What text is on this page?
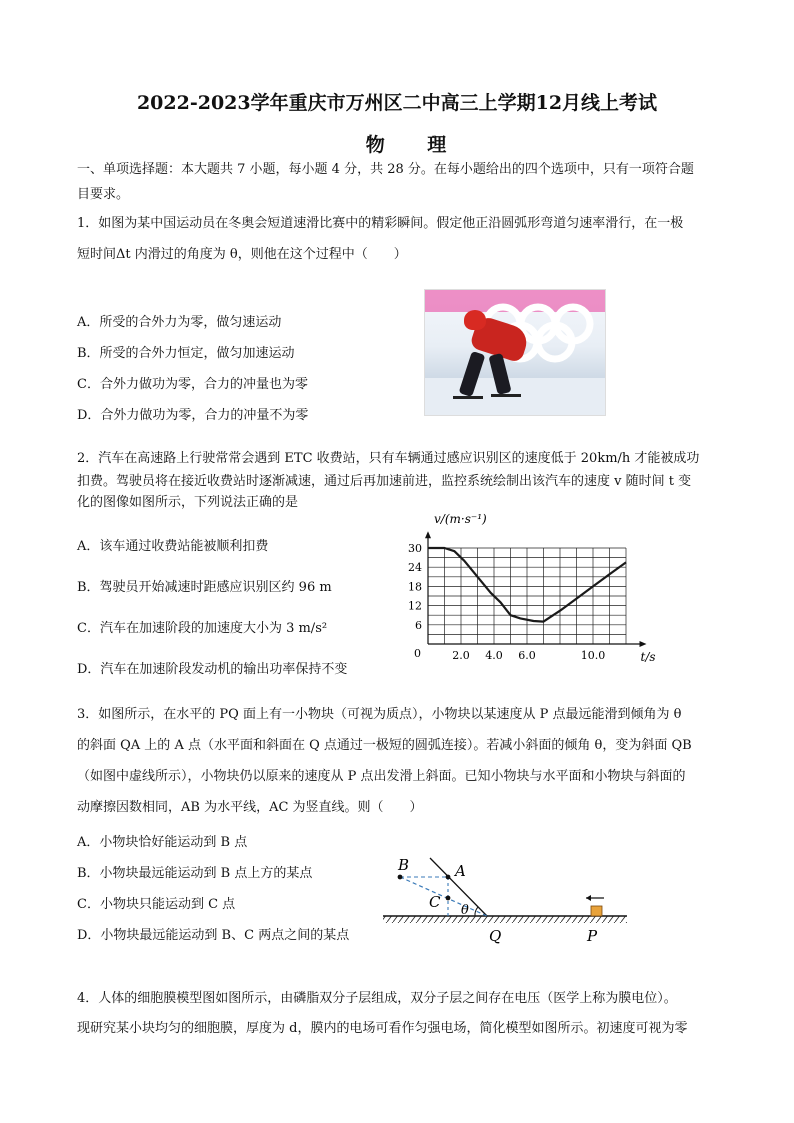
2022-2023学年重庆市万州区二中高三上学期12月线上考试
物 理
一、单项选择题：本大题共 7 小题，每小题 4 分，共 28 分。在每小题给出的四个选项中，只有一项符合题
目要求。
1．如图为某中国运动员在冬奥会短道速滑比赛中的精彩瞬间。假定他正沿圆弧形弯道匀速率滑行，在一极
短时间Δt 内滑过的角度为 θ，则他在这个过程中（　　）
A．所受的合外力为零，做匀速运动
B．所受的合外力恒定，做匀加速运动
C．合外力做功为零，合力的冲量也为零
D．合外力做功为零，合力的冲量不为零
2．汽车在高速路上行驶常常会遇到 ETC 收费站，只有车辆通过感应识别区的速度低于 20km/h 才能被成功
扣费。驾驶员将在接近收费站时逐渐减速，通过后再加速前进，监控系统绘制出该汽车的速度 v 随时间 t 变
化的图像如图所示，下列说法正确的是
A．该车通过收费站能被顺利扣费
B．驾驶员开始减速时距感应识别区约 96 m
C．汽车在加速阶段的加速度大小为 3 m/s²
D．汽车在加速阶段发动机的输出功率保持不变
6
12
18
24
30
2.0 4.0 6.0	10.0
v/(m·s⁻¹)
t/s
0
3．如图所示，在水平的 PQ 面上有一小物块（可视为质点），小物块以某速度从 P 点最远能滑到倾角为 θ
的斜面 QA 上的 A 点（水平面和斜面在 Q 点通过一极短的圆弧连接）。若减小斜面的倾角 θ，变为斜面 QB
（如图中虚线所示），小物块仍以原来的速度从 P 点出发滑上斜面。已知小物块与水平面和小物块与斜面的
动摩擦因数相同，AB 为水平线，AC 为竖直线。则（　　）
A．小物块恰好能运动到 B 点
B．小物块最远能运动到 B 点上方的某点
C．小物块只能运动到 C 点
D．小物块最远能运动到 B、C 两点之间的某点
B	A
C θ
Q	P
4．人体的细胞膜模型图如图所示，由磷脂双分子层组成，双分子层之间存在电压（医学上称为膜电位）。
现研究某小块均匀的细胞膜，厚度为 d，膜内的电场可看作匀强电场，简化模型如图所示。初速度可视为零
